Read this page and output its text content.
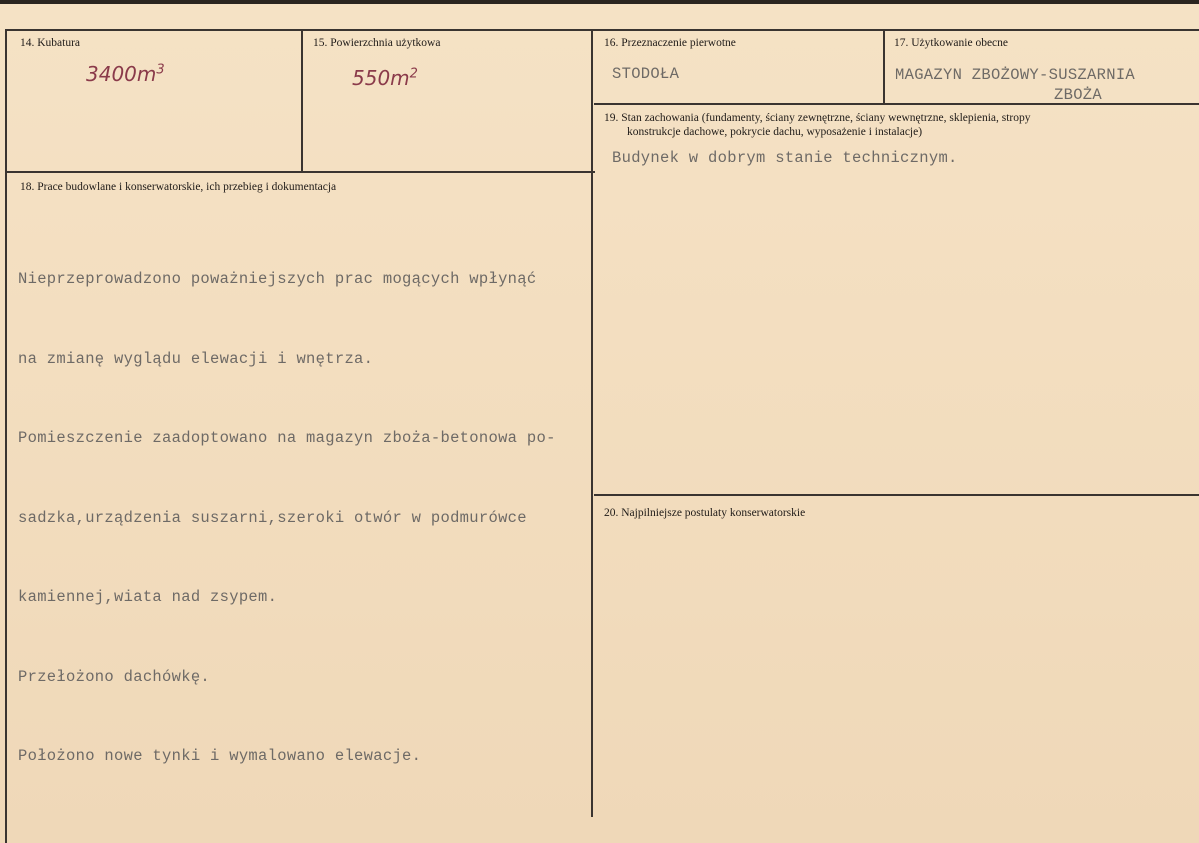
14. Kubatura
$3400m^3$
15. Powierzchnia użytkowa
$550m^2$
16. Przeznaczenie pierwotne
STODOŁA
17. Użytkowanie obecne
MAGAZYN ZBOŻOWY-SUSZARNIA
ZBOŻA
19. Stan zachowania (fundamenty, ściany zewnętrzne, ściany wewnętrzne, sklepienia, stropy
konstrukcje dachowe, pokrycie dachu, wyposażenie i instalacje)
Budynek w dobrym stanie technicznym.
18. Prace budowlane i konserwatorskie, ich przebieg i dokumentacja

Nieprzeprowadzono poważniejszych prac mogących wpłynąć

na zmianę wyglądu elewacji i wnętrza.

Pomieszczenie zaadoptowano na magazyn zboża-betonowa po-

sadzka,urządzenia suszarni,szeroki otwór w podmurówce

kamiennej,wiata nad zsypem.

Przełożono dachówkę.

Położono nowe tynki i wymalowano elewacje.

20. Najpilniejsze postulaty konserwatorskie
